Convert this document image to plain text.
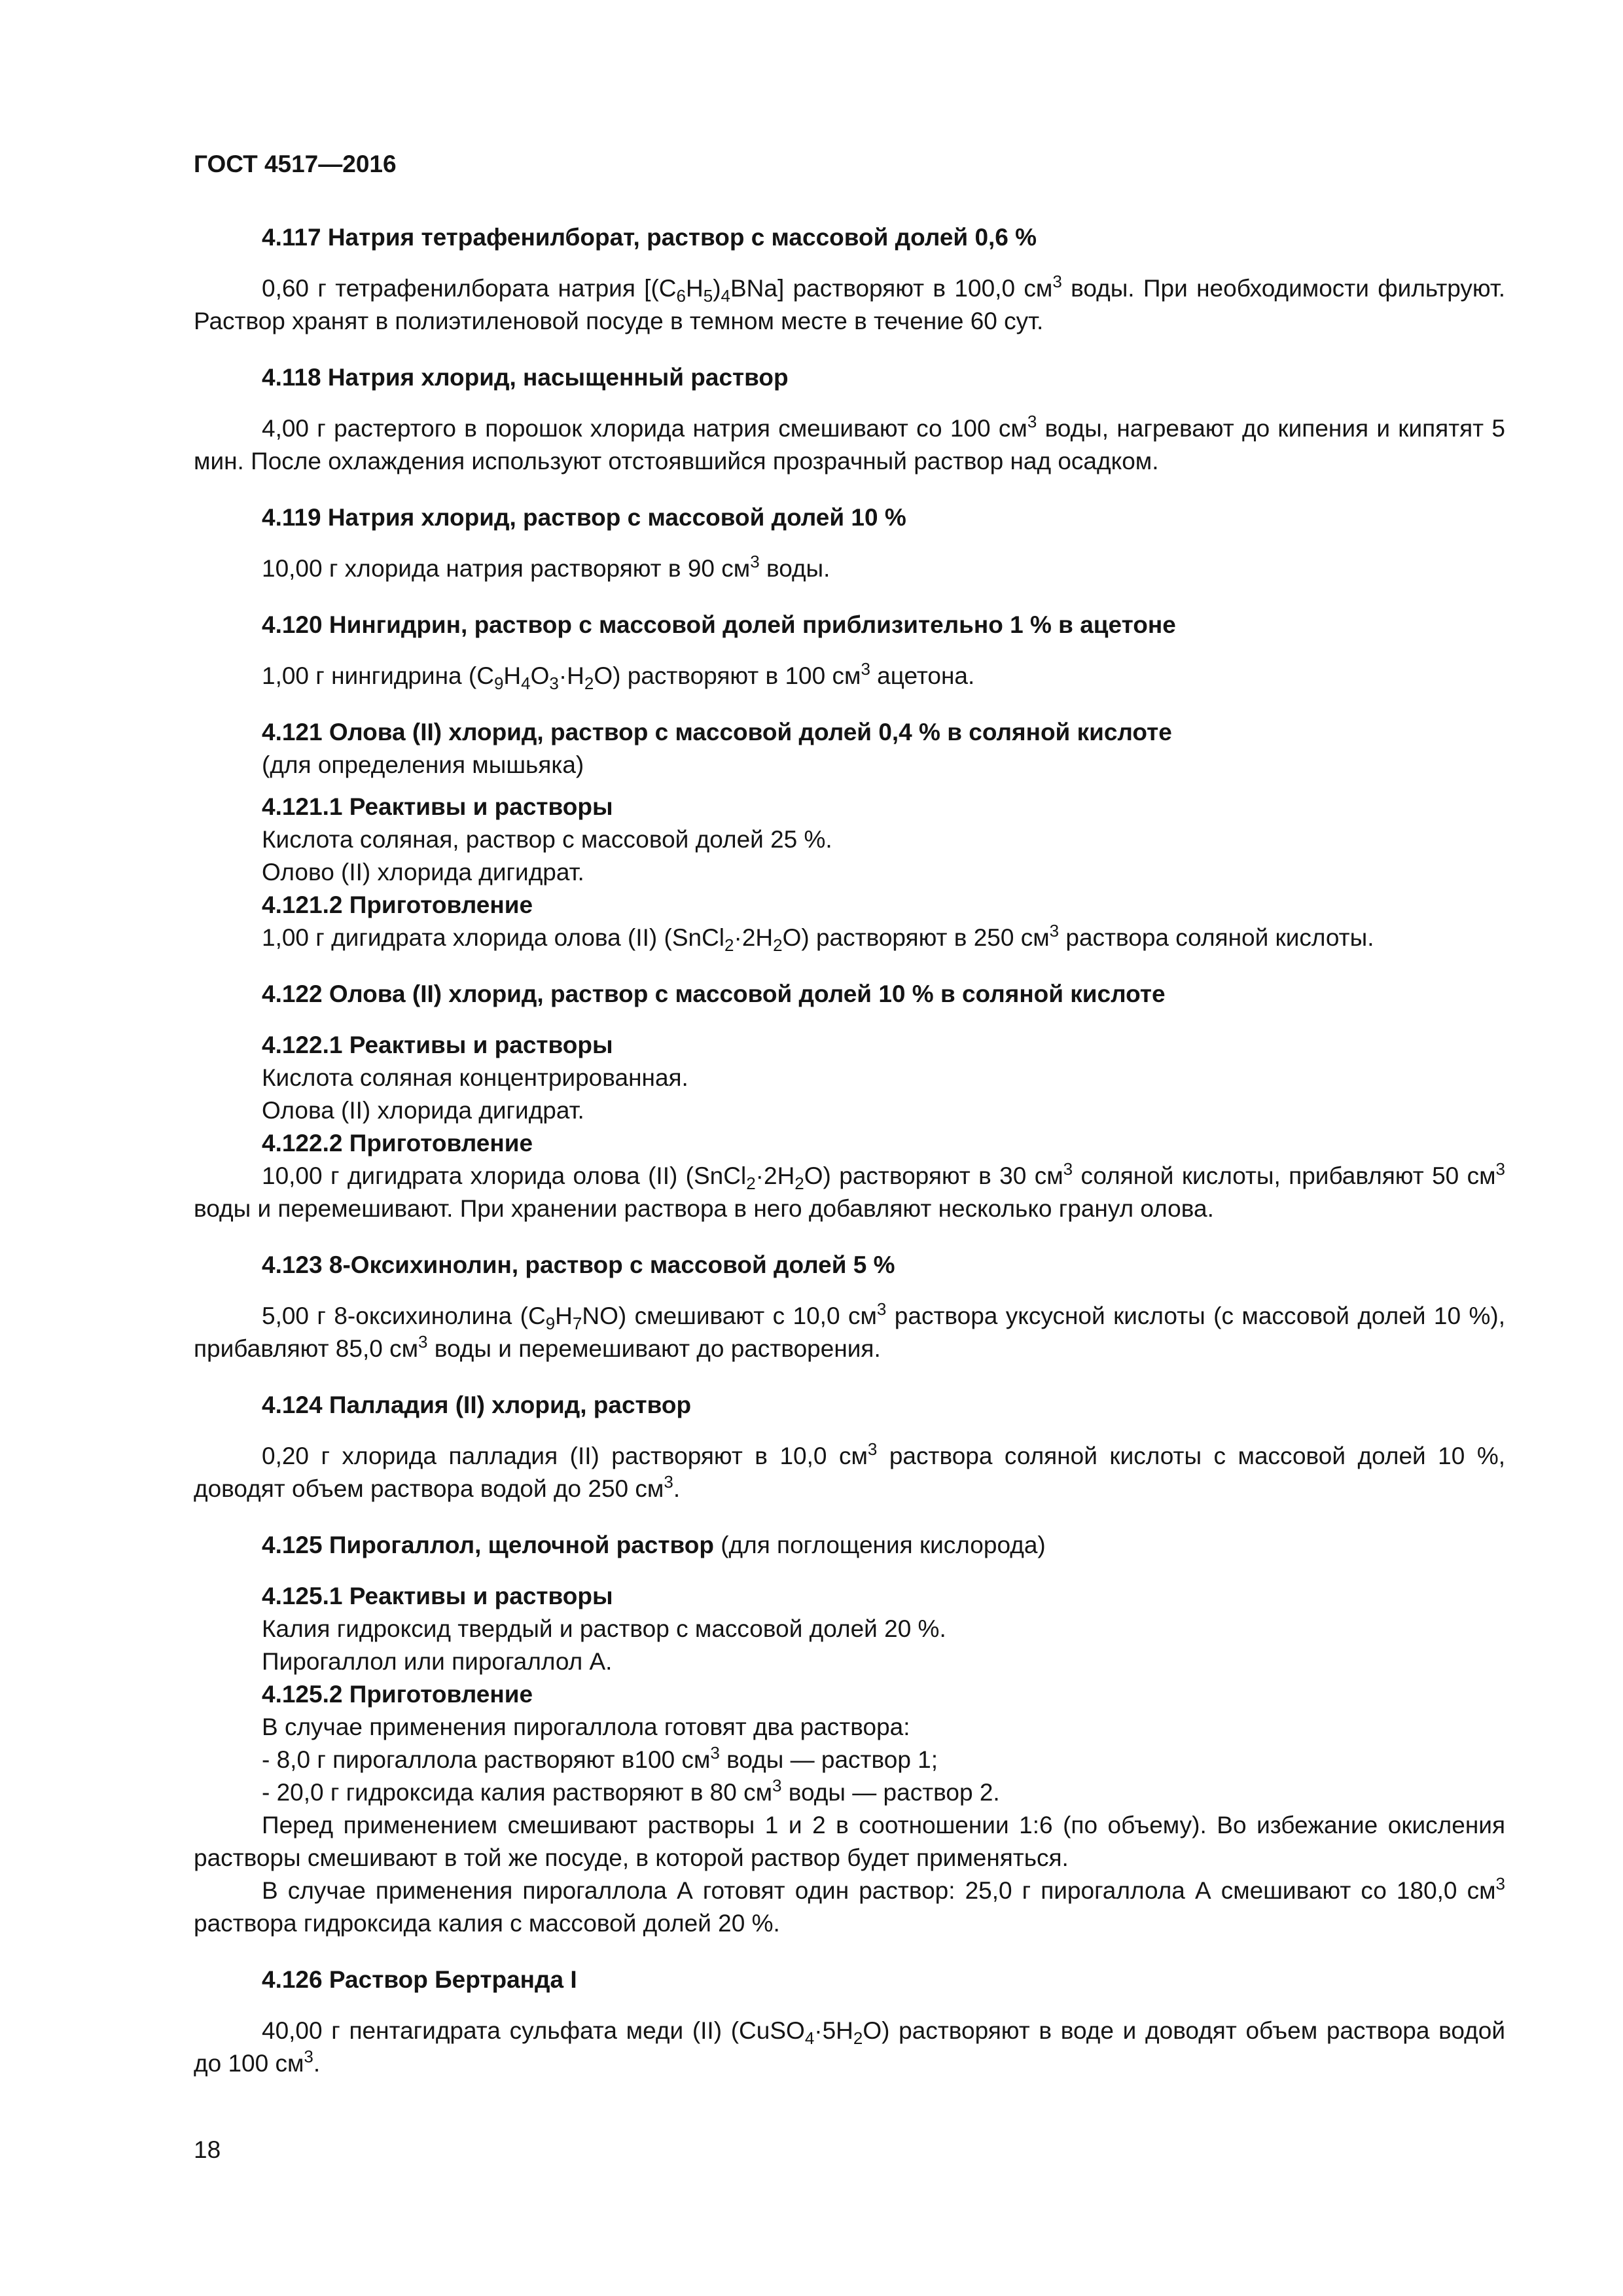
ГОСТ 4517—2016

4.117 Натрия тетрафенилборат, раствор с массовой долей 0,6 %

0,60 г тетрафенилбората натрия $[(C_6H_5)_4BNa]$ растворяют в 100,0 $см^3$ воды. При необходимости фильтруют. Раствор хранят в полиэтиленовой посуде в темном месте в течение 60 сут.

4.118 Натрия хлорид, насыщенный раствор

4,00 г растертого в порошок хлорида натрия смешивают со 100 $см^3$ воды, нагревают до кипения и кипятят 5 мин. После охлаждения используют отстоявшийся прозрачный раствор над осадком.

4.119 Натрия хлорид, раствор с массовой долей 10 %

10,00 г хлорида натрия растворяют в 90 $см^3$ воды.

4.120 Нингидрин, раствор с массовой долей приблизительно 1 % в ацетоне

1,00 г нингидрина $(C_9H_4O_3\cdot H_2O)$ растворяют в 100 $см^3$ ацетона.

4.121 Олова (II) хлорид, раствор с массовой долей 0,4 % в соляной кислоте

(для определения мышьяка)

4.121.1 Реактивы и растворы

Кислота соляная, раствор с массовой долей 25 %.

Олово (II) хлорида дигидрат.

4.121.2 Приготовление

1,00 г дигидрата хлорида олова (II) $(SnCl_2\cdot 2H_2O)$ растворяют в 250 $см^3$ раствора соляной кислоты.

4.122 Олова (II) хлорид, раствор с массовой долей 10 % в соляной кислоте

4.122.1 Реактивы и растворы

Кислота соляная концентрированная.

Олова (II) хлорида дигидрат.

4.122.2 Приготовление

10,00 г дигидрата хлорида олова (II) $(SnCl_2\cdot 2H_2O)$ растворяют в 30 $см^3$ соляной кислоты, прибавляют 50 $см^3$ воды и перемешивают. При хранении раствора в него добавляют несколько гранул олова.

4.123 8-Оксихинолин, раствор с массовой долей 5 %

5,00 г 8-оксихинолина $(C_9H_7NO)$ смешивают с 10,0 $см^3$ раствора уксусной кислоты (с массовой долей 10 %), прибавляют 85,0 $см^3$ воды и перемешивают до растворения.

4.124 Палладия (II) хлорид, раствор

0,20 г хлорида палладия (II) растворяют в 10,0 $см^3$ раствора соляной кислоты с массовой долей 10 %, доводят объем раствора водой до 250 $см^3$.

4.125 Пирогаллол, щелочной раствор (для поглощения кислорода)

4.125.1 Реактивы и растворы

Калия гидроксид твердый и раствор с массовой долей 20 %.

Пирогаллол или пирогаллол А.

4.125.2 Приготовление

В случае применения пирогаллола готовят два раствора:

- 8,0 г пирогаллола растворяют в100 $см^3$ воды — раствор 1;

- 20,0 г гидроксида калия растворяют в 80 $см^3$ воды — раствор 2.

Перед применением смешивают растворы 1 и 2 в соотношении 1:6 (по объему). Во избежание окисления растворы смешивают в той же посуде, в которой раствор будет применяться.

В случае применения пирогаллола А готовят один раствор: 25,0 г пирогаллола А смешивают со 180,0 $см^3$ раствора гидроксида калия с массовой долей 20 %.

4.126 Раствор Бертранда I

40,00 г пентагидрата сульфата меди (II) $(CuSO_4\cdot 5H_2O)$ растворяют в воде и доводят объем раствора водой до 100 $см^3$.

18
